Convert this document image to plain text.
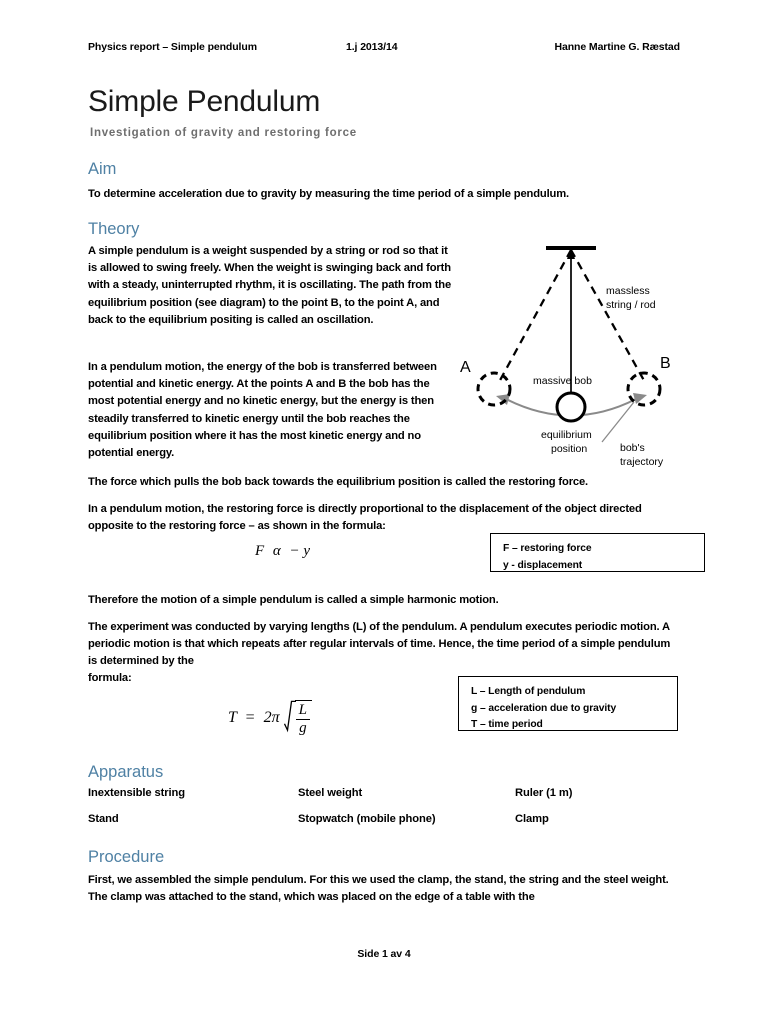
Physics report – Simple pendulum	1.j 2013/14	Hanne Martine G. Ræstad
Simple Pendulum
Investigation of gravity and restoring force
Aim
To determine acceleration due to gravity by measuring the time period of a simple pendulum.
Theory
A simple pendulum is a weight suspended by a string or rod so that it is allowed to swing freely. When the weight is swinging back and forth with a steady, uninterrupted rhythm, it is oscillating. The path from the equilibrium position (see diagram) to the point B, to the point A, and back to the equilibrium positing is called an oscillation.
In a pendulum motion, the energy of the bob is transferred between potential and kinetic energy. At the points A and B the bob has the most potential energy and no kinetic energy, but the energy is then steadily transferred to kinetic energy until the bob reaches the equilibrium position where it has the most kinetic energy and no potential energy.
The force which pulls the bob back towards the equilibrium position is called the restoring force.
In a pendulum motion, the restoring force is directly proportional to the displacement of the object directed opposite to the restoring force – as shown in the formula:
F α − y	F – restoring force
y - displacement
Therefore the motion of a simple pendulum is called a simple harmonic motion.
The experiment was conducted by varying lengths (L) of the pendulum. A pendulum executes periodic motion. A periodic motion is that which repeats after regular intervals of time. Hence, the time period of a simple pendulum is determined by the
formula:
$T = 2\pi \frac{L}{g}$
L – Length of pendulum
g – acceleration due to gravity
T – time period
Apparatus
Inextensible string	Steel weight	Ruler (1 m)
Stand	Stopwatch (mobile phone)	Clamp
Procedure
First, we assembled the simple pendulum. For this we used the clamp, the stand, the string and the steel weight. The clamp was attached to the stand, which was placed on the edge of a table with the
Side 1 av 4
A	B
massless
string / rod
massive bob
equilibrium
position	bob's
trajectory
